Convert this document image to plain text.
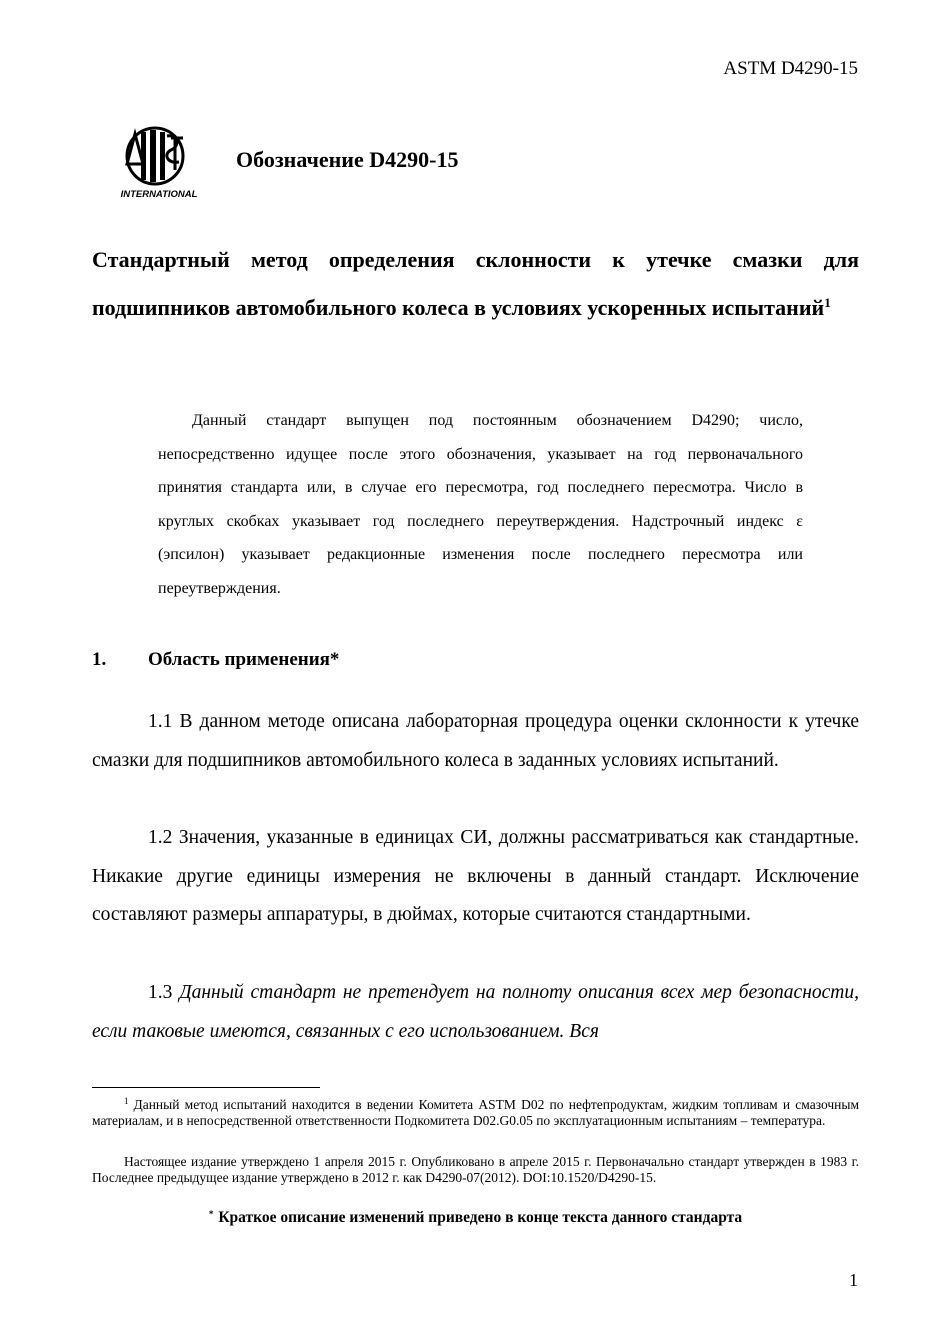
ASTM D4290-15
INTERNATIONAL
Обозначение D4290-15
Стандартный метод определения склонности к утечке смазки для подшипников автомобильного колеса в условиях ускоренных испытаний$^1$
Данный стандарт выпущен под постоянным обозначением D4290; число, непосредственно идущее после этого обозначения, указывает на год первоначального принятия стандарта или, в случае его пересмотра, год последнего пересмотра. Число в круглых скобках указывает год последнего переутверждения. Надстрочный индекс ε (эпсилон) указывает редакционные изменения после последнего пересмотра или переутверждения.
1. Область применения*

1.1 В данном методе описана лабораторная процедура оценки склонности к утечке смазки для подшипников автомобильного колеса в заданных условиях испытаний.

1.2 Значения, указанные в единицах СИ, должны рассматриваться как стандартные. Никакие другие единицы измерения не включены в данный стандарт. Исключение составляют размеры аппаратуры, в дюймах, которые считаются стандартными.

1.3 Данный стандарт не претендует на полноту описания всех мер безопасности, если таковые имеются, связанных с его использованием. Вся

$^1$ Данный метод испытаний находится в ведении Комитета ASTM D02 по нефтепродуктам, жидким топливам и смазочным материалам, и в непосредственной ответственности Подкомитета D02.G0.05 по эксплуатационным испытаниям – температура.
Настоящее издание утверждено 1 апреля 2015 г. Опубликовано в апреле 2015 г. Первоначально стандарт утвержден в 1983 г. Последнее предыдущее издание утверждено в 2012 г. как D4290-07(2012). DOI:10.1520/D4290-15.
* Краткое описание изменений приведено в конце текста данного стандарта
1
